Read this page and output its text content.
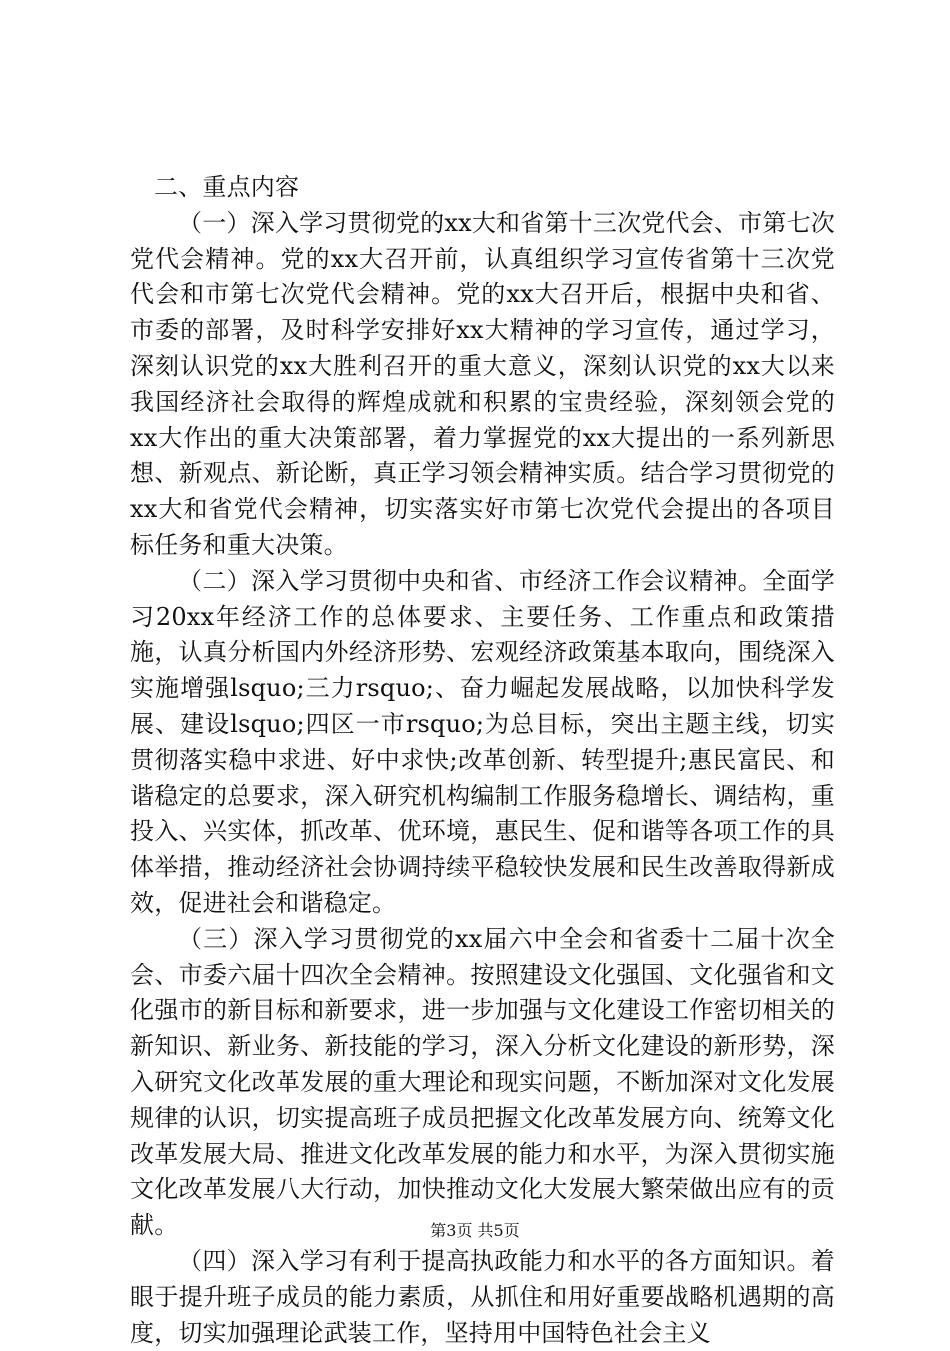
二、重点内容

（一）深入学习贯彻党的xx大和省第十三次党代会、市第七次党代会精神。党的xx大召开前，认真组织学习宣传省第十三次党代会和市第七次党代会精神。党的xx大召开后，根据中央和省、市委的部署，及时科学安排好xx大精神的学习宣传，通过学习，深刻认识党的xx大胜利召开的重大意义，深刻认识党的xx大以来我国经济社会取得的辉煌成就和积累的宝贵经验，深刻领会党的xx大作出的重大决策部署，着力掌握党的xx大提出的一系列新思想、新观点、新论断，真正学习领会精神实质。结合学习贯彻党的xx大和省党代会精神，切实落实好市第七次党代会提出的各项目标任务和重大决策。

（二）深入学习贯彻中央和省、市经济工作会议精神。全面学习20xx年经济工作的总体要求、主要任务、工作重点和政策措施，认真分析国内外经济形势、宏观经济政策基本取向，围绕深入实施增强lsquo;三力rsquo;、奋力崛起发展战略，以加快科学发展、建设lsquo;四区一市rsquo;为总目标，突出主题主线，切实贯彻落实稳中求进、好中求快;改革创新、转型提升;惠民富民、和谐稳定的总要求，深入研究机构编制工作服务稳增长、调结构，重投入、兴实体，抓改革、优环境，惠民生、促和谐等各项工作的具体举措，推动经济社会协调持续平稳较快发展和民生改善取得新成效，促进社会和谐稳定。

（三）深入学习贯彻党的xx届六中全会和省委十二届十次全会、市委六届十四次全会精神。按照建设文化强国、文化强省和文化强市的新目标和新要求，进一步加强与文化建设工作密切相关的新知识、新业务、新技能的学习，深入分析文化建设的新形势，深入研究文化改革发展的重大理论和现实问题，不断加深对文化发展规律的认识，切实提高班子成员把握文化改革发展方向、统筹文化改革发展大局、推进文化改革发展的能力和水平，为深入贯彻实施文化改革发展八大行动，加快推动文化大发展大繁荣做出应有的贡献。

（四）深入学习有利于提高执政能力和水平的各方面知识。着眼于提升班子成员的能力素质，从抓住和用好重要战略机遇期的高度，切实加强理论武装工作，坚持用中国特色社会主义

第3页 共5页
